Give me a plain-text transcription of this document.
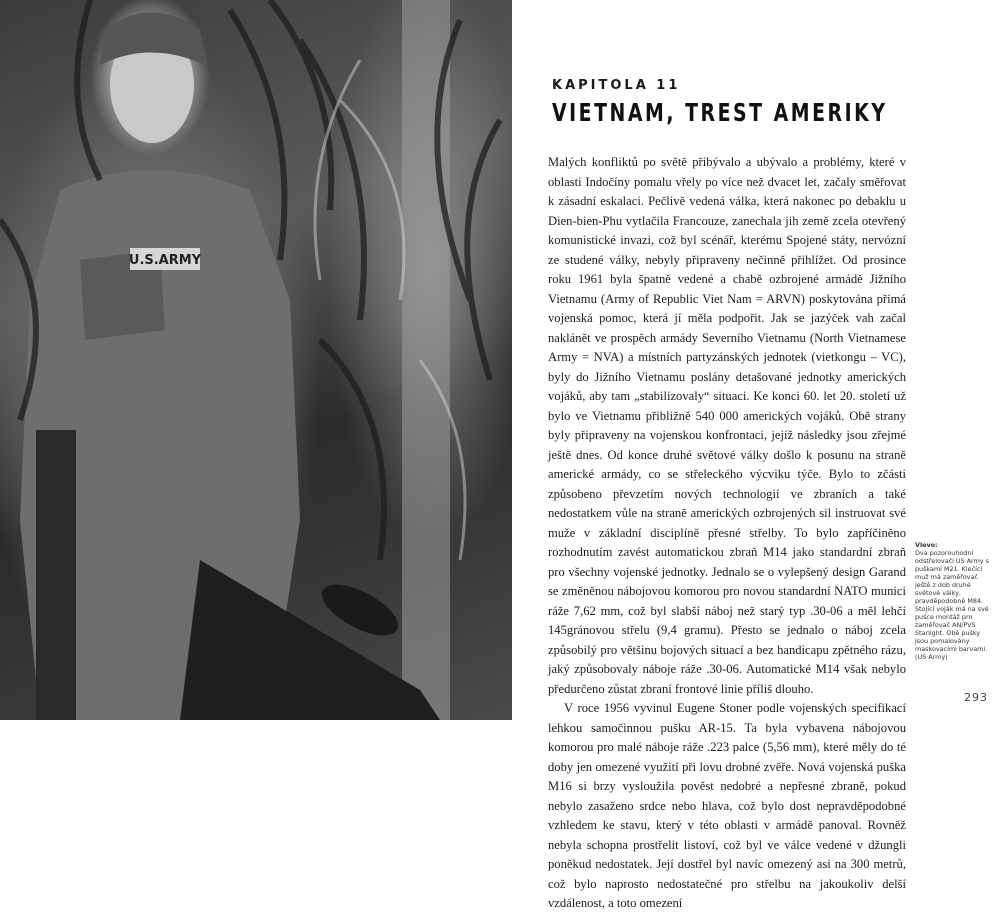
U.S.ARMY
KAPITOLA 11
VIETNAM, TREST AMERIKY

Malých konfliktů po světě přibývalo a ubývalo a problémy, které v oblasti Indočíny pomalu vřely po více než dvacet let, začaly směřovat k zásadní eskalaci. Pečlivě vedená válka, která nakonec po debaklu u Dien-bien-Phu vytlačila Francouze, zanechala jih země zcela otevřený komunistické invazi, což byl scénář, kterému Spojené státy, nervózní ze studené války, nebyly připraveny nečinně přihlížet. Od prosince roku 1961 byla špatně vedené a chabě ozbrojené armádě Jižního Vietnamu (Army of Republic Viet Nam = ARVN) poskytována přímá vojenská pomoc, která jí měla podpořit. Jak se jazýček vah začal naklánět ve prospěch armády Severního Vietnamu (North Vietnamese Army = NVA) a místních partyzánských jednotek (vietkongu – VC), byly do Jižního Vietnamu poslány detašované jednotky amerických vojáků, aby tam „stabilizovaly“ situaci. Ke konci 60. let 20. století už bylo ve Vietnamu přibližně 540 000 amerických vojáků. Obě strany byly připraveny na vojenskou konfrontaci, jejíž následky jsou zřejmé ještě dnes. Od konce druhé světové války došlo k posunu na straně americké armády, co se střeleckého výcviku týče. Bylo to zčásti způsobeno převzetím nových technologií ve zbraních a také nedostatkem vůle na straně amerických ozbrojených sil instruovat své muže v základní disciplíně přesné střelby. To bylo zapříčiněno rozhodnutím zavést automatickou zbraň M14 jako standardní zbraň pro všechny vojenské jednotky. Jednalo se o vylepšený design Garand se změněnou nábojovou komorou pro novou standardní NATO munici ráže 7,62 mm, což byl slabší náboj než starý typ .30-06 a měl lehčí 145gránovou střelu (9,4 gramu). Přesto se jednalo o náboj zcela způsobilý pro většinu bojových situací a bez handicapu zpětného rázu, jaký způsobovaly náboje ráže .30-06. Automatické M14 však nebylo předurčeno zůstat zbraní frontové linie příliš dlouho.

V roce 1956 vyvinul Eugene Stoner podle vojenských specifikací lehkou samočinnou pušku AR-15. Ta byla vybavena nábojovou komorou pro malé náboje ráže .223 palce (5,56 mm), které měly do té doby jen omezené využití při lovu drobné zvěře. Nová vojenská puška M16 si brzy vysloužila pověst nedobré a nepřesné zbraně, pokud nebylo zasaženo srdce nebo hlava, což bylo dost nepravděpodobné vzhledem ke stavu, který v této oblasti v armádě panoval. Rovněž nebyla schopna prostřelit listoví, což byl ve válce vedené v džungli poněkud nedostatek. Její dostřel byl navíc omezený asi na 300 metrů, což bylo naprosto nedostatečné pro střelbu na jakoukoliv delší vzdálenost, a toto omezení

Vlevo:
Dva pozorouhodní odstřelovači US Army s puškami M21. Klečící muž má zaměřovač ještě z dob druhé světové války, pravděpodobně M84. Stojící voják má na své pušce montáž pro zaměřovač AN/PVS Starlight. Obě pušky jsou pomalovány maskovacími barvami. (US Army)
293
